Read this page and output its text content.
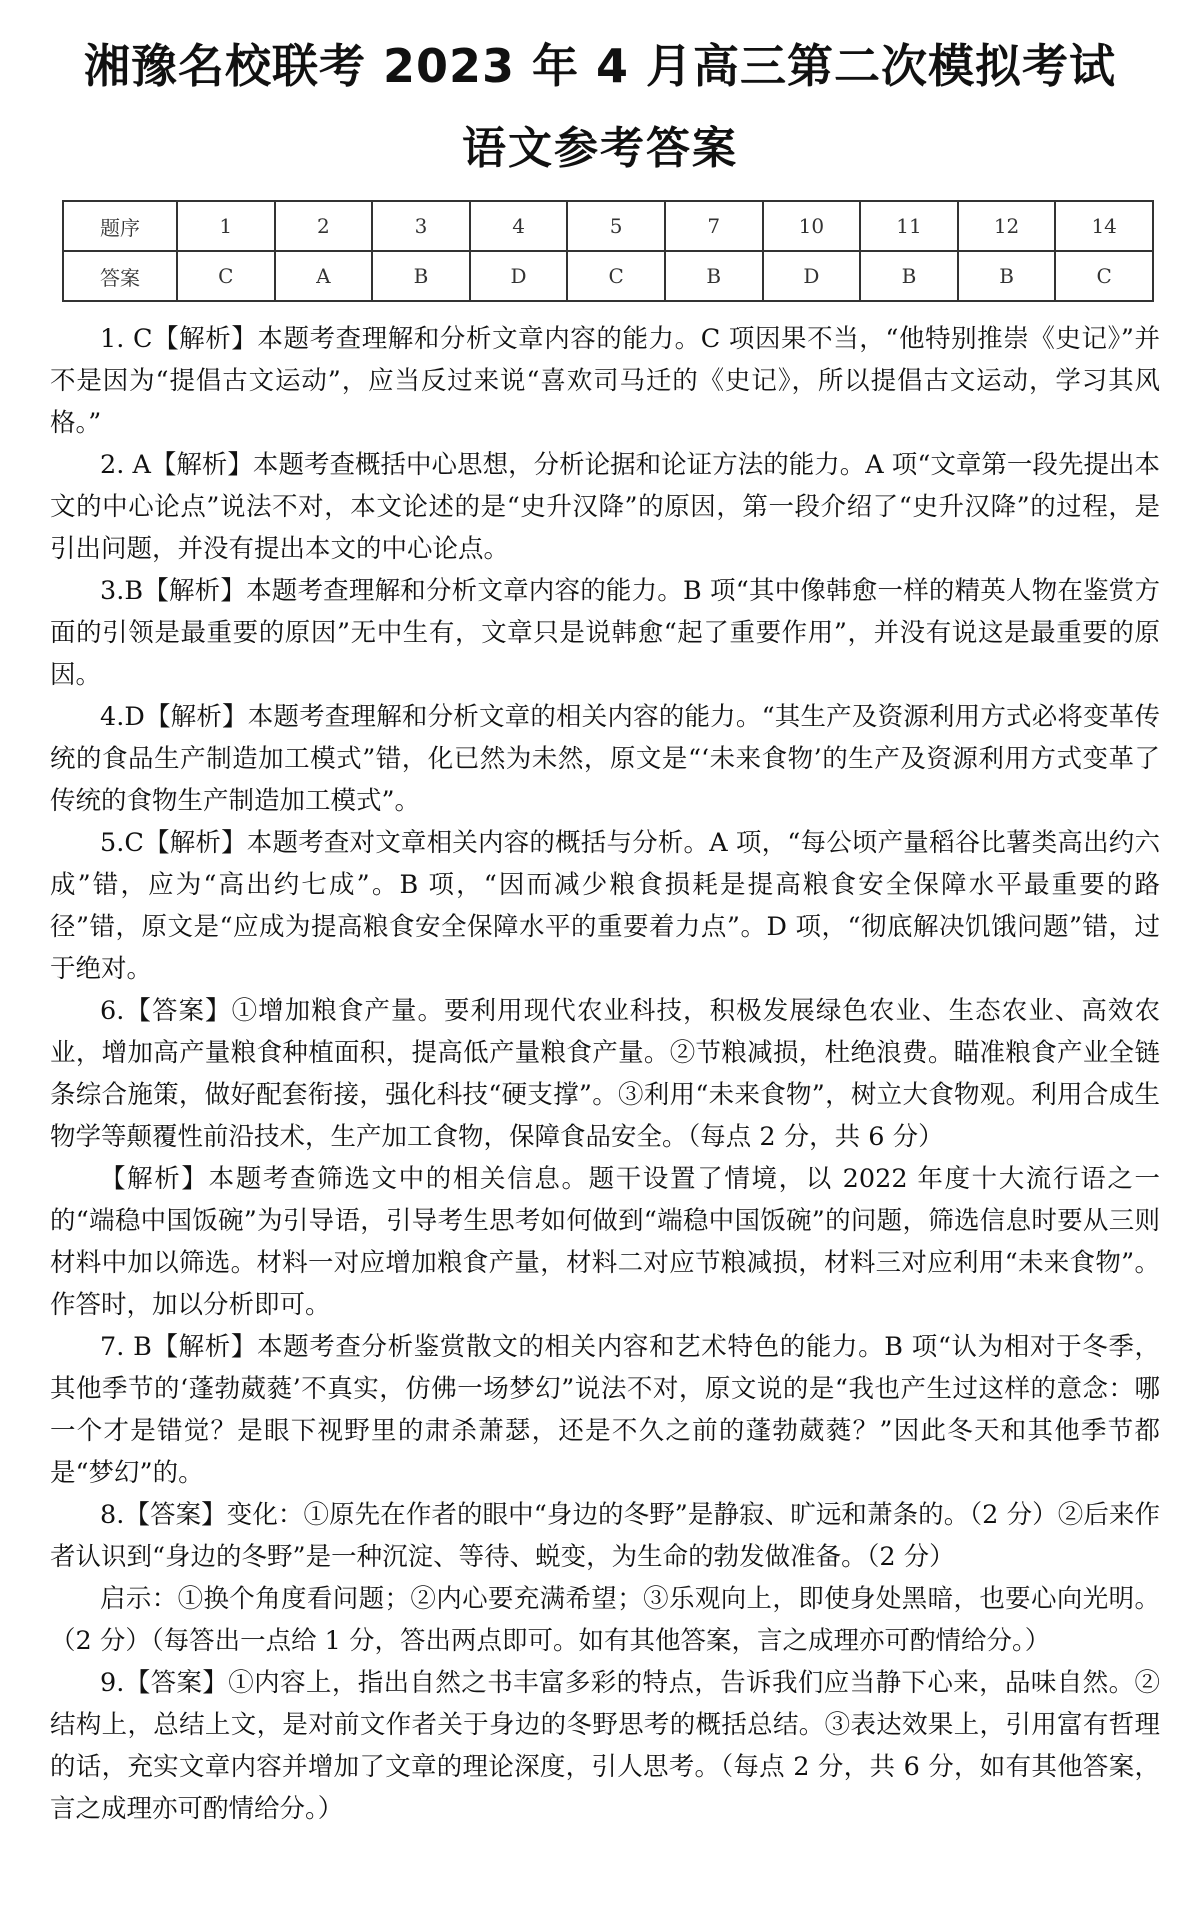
湘豫名校联考 2023 年 4 月高三第二次模拟考试
语文参考答案
题序	1	2	3	4	5	7	10	11	12	14
答案	C	A	B	D	C	B	D	B	B	C

1. C【解析】本题考查理解和分析文章内容的能力。C 项因果不当，“他特别推崇《史记》”并不是因为“提倡古文运动”，应当反过来说“喜欢司马迁的《史记》，所以提倡古文运动，学习其风格。”

2. A【解析】本题考查概括中心思想，分析论据和论证方法的能力。A 项“文章第一段先提出本文的中心论点”说法不对，本文论述的是“史升汉降”的原因，第一段介绍了“史升汉降”的过程，是引出问题，并没有提出本文的中心论点。

3.B【解析】本题考查理解和分析文章内容的能力。B 项“其中像韩愈一样的精英人物在鉴赏方面的引领是最重要的原因”无中生有，文章只是说韩愈“起了重要作用”，并没有说这是最重要的原因。

4.D【解析】本题考查理解和分析文章的相关内容的能力。“其生产及资源利用方式必将变革传统的食品生产制造加工模式”错，化已然为未然，原文是“‘未来食物’的生产及资源利用方式变革了传统的食物生产制造加工模式”。

5.C【解析】本题考查对文章相关内容的概括与分析。A 项，“每公顷产量稻谷比薯类高出约六成”错，应为“高出约七成”。B 项，“因而减少粮食损耗是提高粮食安全保障水平最重要的路径”错，原文是“应成为提高粮食安全保障水平的重要着力点”。D 项，“彻底解决饥饿问题”错，过于绝对。

6.【答案】①增加粮食产量。要利用现代农业科技，积极发展绿色农业、生态农业、高效农业，增加高产量粮食种植面积，提高低产量粮食产量。②节粮减损，杜绝浪费。瞄准粮食产业全链条综合施策，做好配套衔接，强化科技“硬支撑”。③利用“未来食物”，树立大食物观。利用合成生物学等颠覆性前沿技术，生产加工食物，保障食品安全。（每点 2 分，共 6 分）

【解析】本题考查筛选文中的相关信息。题干设置了情境，以 2022 年度十大流行语之一的“端稳中国饭碗”为引导语，引导考生思考如何做到“端稳中国饭碗”的问题，筛选信息时要从三则材料中加以筛选。材料一对应增加粮食产量，材料二对应节粮减损，材料三对应利用“未来食物”。作答时，加以分析即可。

7. B【解析】本题考查分析鉴赏散文的相关内容和艺术特色的能力。B 项“认为相对于冬季，其他季节的‘蓬勃葳蕤’不真实，仿佛一场梦幻”说法不对，原文说的是“我也产生过这样的意念：哪一个才是错觉？是眼下视野里的肃杀萧瑟，还是不久之前的蓬勃葳蕤？”因此冬天和其他季节都是“梦幻”的。

8.【答案】变化：①原先在作者的眼中“身边的冬野”是静寂、旷远和萧条的。（2 分）②后来作者认识到“身边的冬野”是一种沉淀、等待、蜕变，为生命的勃发做准备。（2 分）

启示：①换个角度看问题；②内心要充满希望；③乐观向上，即使身处黑暗，也要心向光明。（2 分）（每答出一点给 1 分，答出两点即可。如有其他答案，言之成理亦可酌情给分。）

9.【答案】①内容上，指出自然之书丰富多彩的特点，告诉我们应当静下心来，品味自然。②结构上，总结上文，是对前文作者关于身边的冬野思考的概括总结。③表达效果上，引用富有哲理的话，充实文章内容并增加了文章的理论深度，引人思考。（每点 2 分，共 6 分，如有其他答案，言之成理亦可酌情给分。）
